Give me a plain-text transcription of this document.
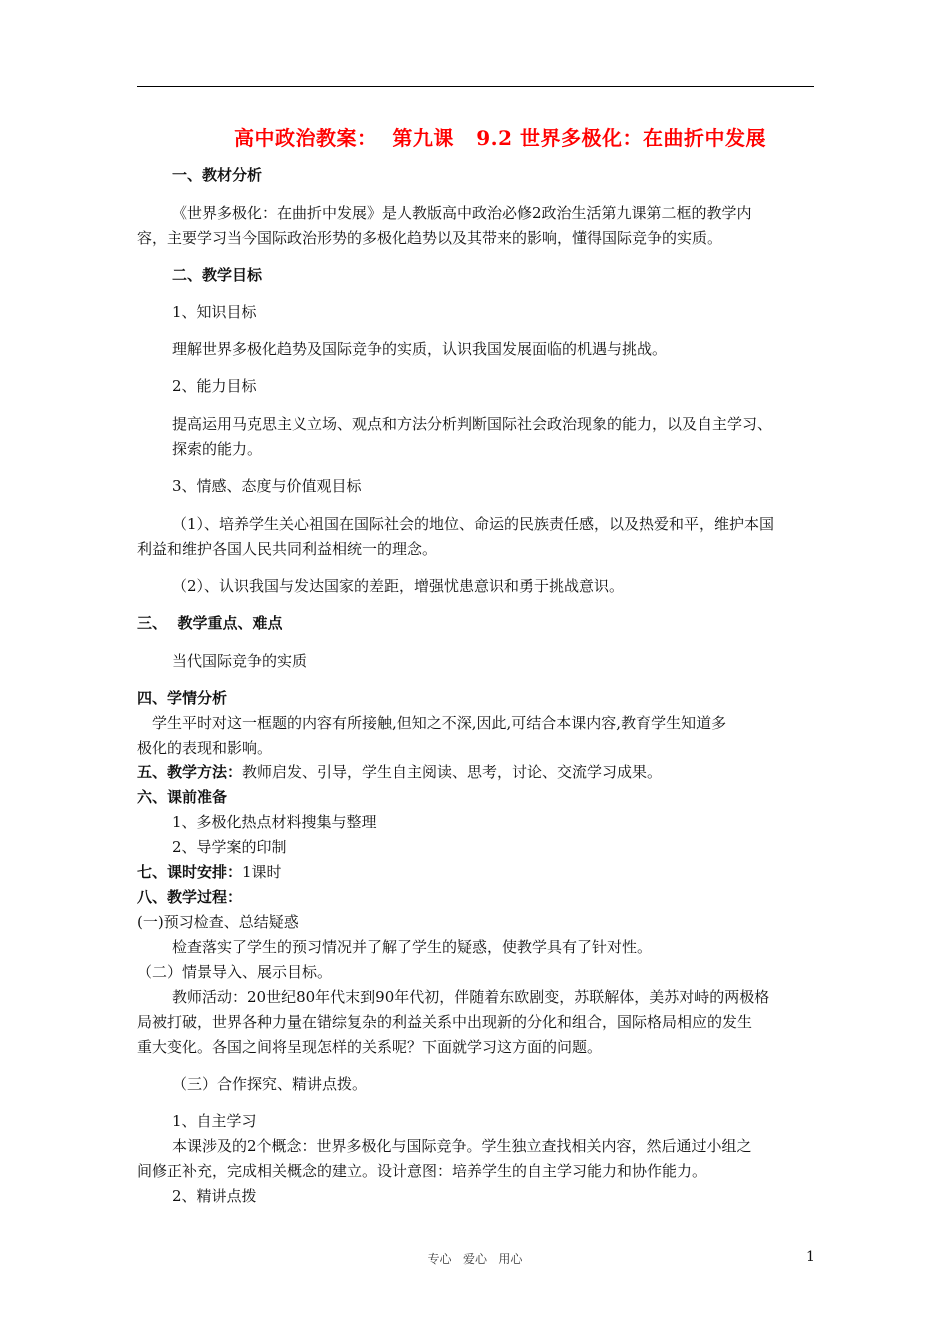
高中政治教案：  第九课   9.2 世界多极化：在曲折中发展
一、教材分析
《世界多极化：在曲折中发展》是人教版高中政治必修2政治生活第九课第二框的教学内
容，主要学习当今国际政治形势的多极化趋势以及其带来的影响，懂得国际竞争的实质。
二、教学目标
1、知识目标
理解世界多极化趋势及国际竞争的实质，认识我国发展面临的机遇与挑战。
2、能力目标
提高运用马克思主义立场、观点和方法分析判断国际社会政治现象的能力，以及自主学习、
探索的能力。
3、情感、态度与价值观目标
（1）、培养学生关心祖国在国际社会的地位、命运的民族责任感，以及热爱和平，维护本国
利益和维护各国人民共同利益相统一的理念。
（2）、认识我国与发达国家的差距，增强忧患意识和勇于挑战意识。
三、  教学重点、难点
当代国际竞争的实质
四、学情分析
学生平时对这一框题的内容有所接触,但知之不深,因此,可结合本课内容,教育学生知道多
极化的表现和影响。
五、教学方法：教师启发、引导，学生自主阅读、思考，讨论、交流学习成果。
六、课前准备
1、多极化热点材料搜集与整理
2、导学案的印制
七、课时安排：1课时
八、教学过程：
(一)预习检查、总结疑惑
检查落实了学生的预习情况并了解了学生的疑惑，使教学具有了针对性。
（二）情景导入、展示目标。
教师活动：20世纪80年代末到90年代初，伴随着东欧剧变，苏联解体，美苏对峙的两极格
局被打破，世界各种力量在错综复杂的利益关系中出现新的分化和组合，国际格局相应的发生
重大变化。各国之间将呈现怎样的关系呢？下面就学习这方面的问题。
（三）合作探究、精讲点拨。
1、自主学习
本课涉及的2个概念：世界多极化与国际竞争。学生独立查找相关内容，然后通过小组之
间修正补充，完成相关概念的建立。设计意图：培养学生的自主学习能力和协作能力。
2、精讲点拨
专心   爱心   用心	1
